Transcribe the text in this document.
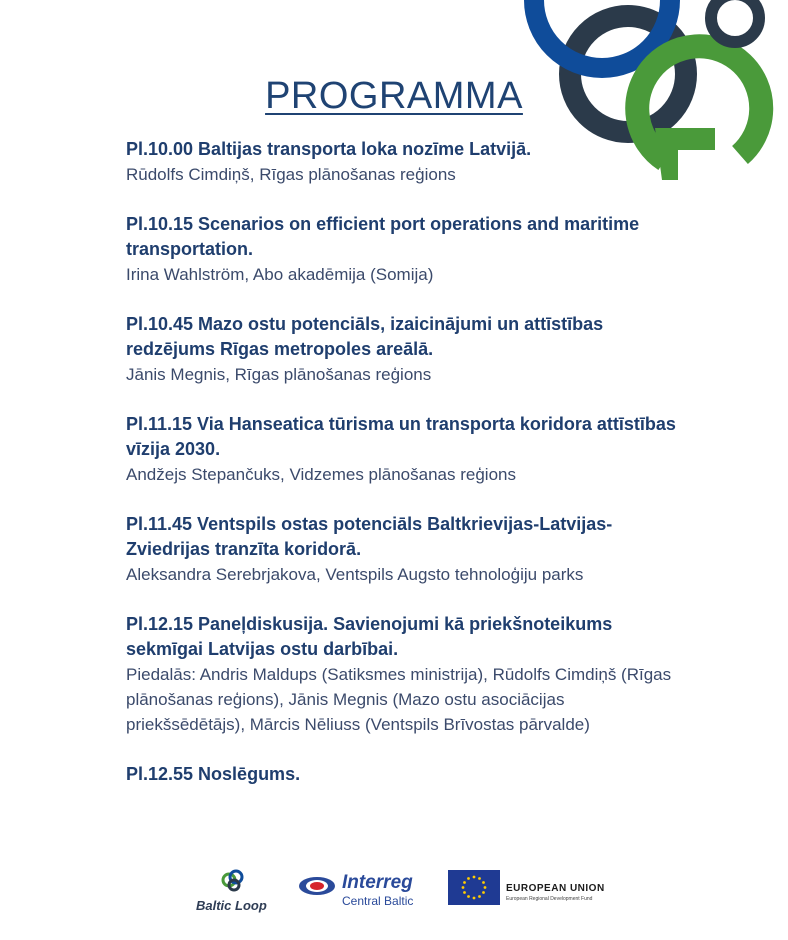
PROGRAMMA
Pl.10.00 Baltijas transporta loka nozīme Latvijā.
Rūdolfs Cimdiņš, Rīgas plānošanas reģions
Pl.10.15 Scenarios on efficient port operations and maritime transportation.
Irina Wahlström, Abo akadēmija (Somija)
Pl.10.45 Mazo ostu potenciāls, izaicinājumi un attīstības redzējums Rīgas metropoles areālā.
Jānis Megnis, Rīgas plānošanas reģions
Pl.11.15 Via Hanseatica tūrisma un transporta koridora attīstības vīzija 2030.
Andžejs Stepančuks, Vidzemes plānošanas reģions
Pl.11.45 Ventspils ostas potenciāls Baltkrievijas-Latvijas-Zviedrijas tranzīta koridorā.
Aleksandra Serebrjakova, Ventspils Augsto tehnoloģiju parks
Pl.12.15 Paneļdiskusija. Savienojumi kā priekšnoteikums sekmīgai Latvijas ostu darbībai.
Piedalās: Andris Maldups (Satiksmes ministrija), Rūdolfs Cimdiņš (Rīgas plānošanas reģions), Jānis Megnis (Mazo ostu asociācijas priekšsēdētājs), Mārcis Nēliuss (Ventspils Brīvostas pārvalde)
Pl.12.55 Noslēgums.
Baltic Loop
Interreg
Central Baltic
EUROPEAN UNION
European Regional Development Fund
